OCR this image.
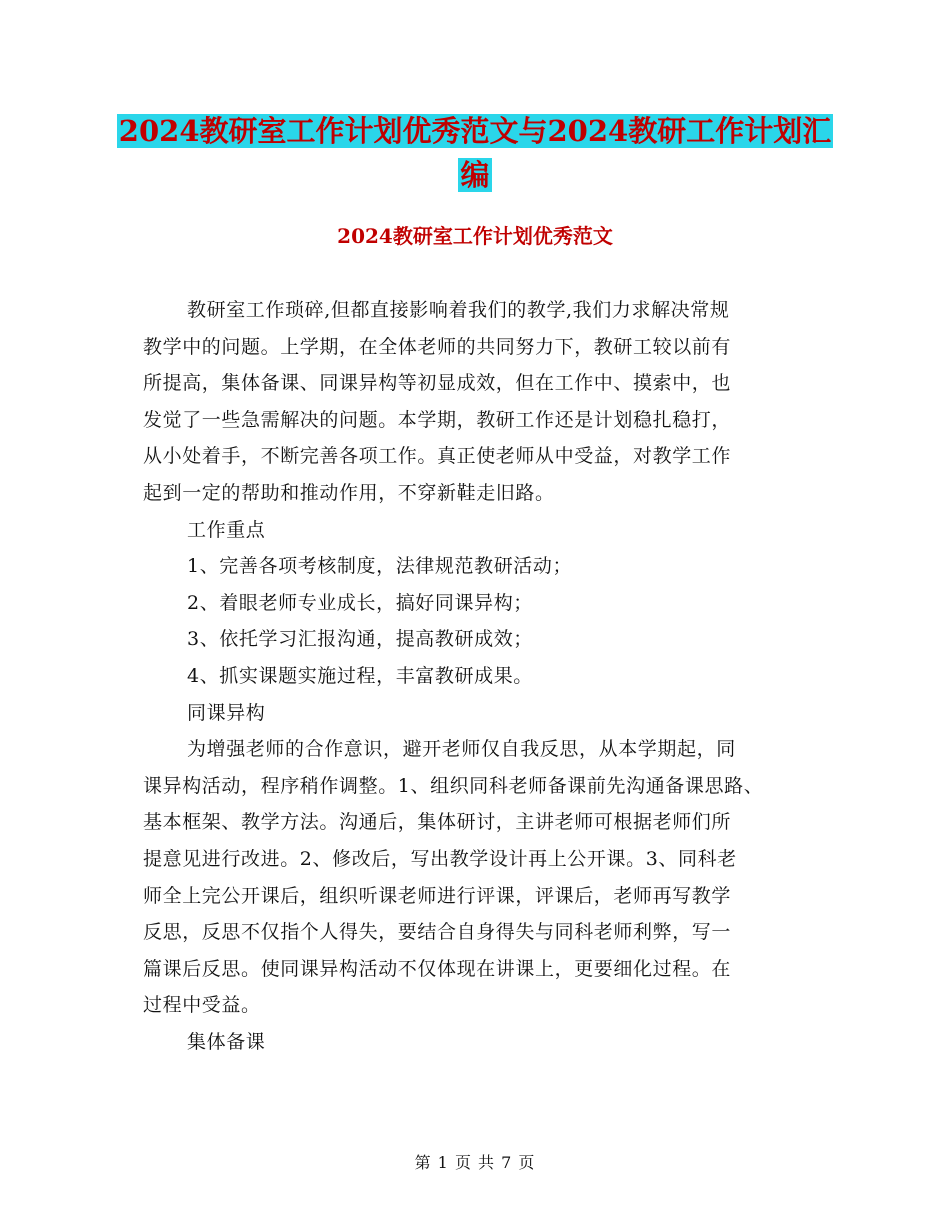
2024教研室工作计划优秀范文与2024教研工作计划汇
编
2024教研室工作计划优秀范文
教研室工作琐碎,但都直接影响着我们的教学,我们力求解决常规
教学中的问题。上学期，在全体老师的共同努力下，教研工较以前有
所提高，集体备课、同课异构等初显成效，但在工作中、摸索中，也
发觉了一些急需解决的问题。本学期，教研工作还是计划稳扎稳打，
从小处着手，不断完善各项工作。真正使老师从中受益，对教学工作
起到一定的帮助和推动作用，不穿新鞋走旧路。
工作重点
1、完善各项考核制度，法律规范教研活动；
2、着眼老师专业成长，搞好同课异构；
3、依托学习汇报沟通，提高教研成效；
4、抓实课题实施过程，丰富教研成果。
同课异构
为增强老师的合作意识，避开老师仅自我反思，从本学期起，同
课异构活动，程序稍作调整。1、组织同科老师备课前先沟通备课思路、
基本框架、教学方法。沟通后，集体研讨，主讲老师可根据老师们所
提意见进行改进。2、修改后，写出教学设计再上公开课。3、同科老
师全上完公开课后，组织听课老师进行评课，评课后，老师再写教学
反思，反思不仅指个人得失，要结合自身得失与同科老师利弊，写一
篇课后反思。使同课异构活动不仅体现在讲课上，更要细化过程。在
过程中受益。
集体备课
第 1 页 共 7 页
